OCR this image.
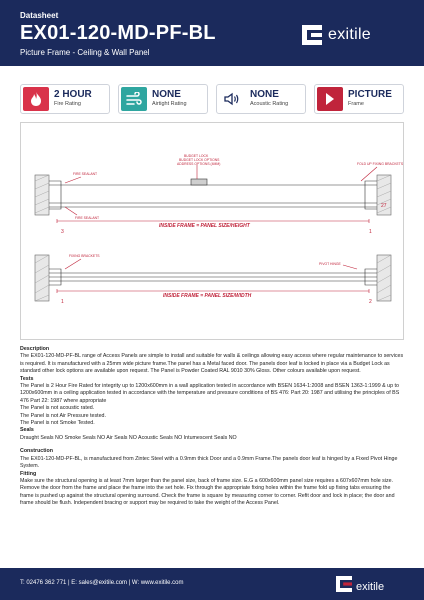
Datasheet
EX01-120-MD-PF-BL
Picture Frame - Ceiling & Wall Panel
exitile
2 HOUR
Fire Rating
NONE
Airtight Rating
NONE
Acoustic Rating
PICTURE
Frame
BUDGET LOCK
BUDGET LOCK OPTIONS
ADDRESS OPTIONS (4MM)
FIRE SEALANT
FOLD UP FIXING BRACKETS
FIRE SEALANT
INSIDE FRAME = PANEL SIZE/HEIGHT
27
3	1
FIXING BRACKETS
PIVOT HINGE
INSIDE FRAME = PANEL SIZE/WIDTH
1	2

Description

The EX01-120-MD-PF-BL range of Access Panels are simple to install and suitable for walls & ceilings allowing easy access where regular maintenance to services is required. It is manufactured with a 25mm wide picture frame.The panel has a Metal faced door. The panels door leaf is locked in place via a Budget Lock as standard other lock options are available upon request. The Panel is Powder Coated RAL 9010 30% Gloss. Other colours available upon request.

Tests

The Panel is 2 Hour Fire Rated for integrity up to 1200x600mm in a wall application tested in accordance with BSEN 1634-1:2008 and BSEN 1363-1:1999 & up to 1200x600mm in a ceiling application tested in accordance with the temperature and pressure conditions of BS 476: Part 20: 1987 and utilising the principles of BS 476 Part 22: 1987 where appropriate

The Panel is not acoustic rated.

The Panel is not Air Pressure tested.

The Panel is not Smoke Tested.

Seals

Draught Seals NO Smoke Seals NO Air Seals NO Acoustic Seals NO Intumescent Seals NO

Construction

The EX01-120-MD-PF-BL, is manufactured from Zintec Steel with a 0.9mm thick Door and a 0.9mm Frame.The panels door leaf is hinged by a Fixed Pivot Hinge System.

Fitting

Make sure the structural opening is at least 7mm larger than the panel size, back of frame size. E.G a 600x600mm panel size requires a 607x607mm hole size. Remove the door from the frame and place the frame into the set hole. Fix through the appropriate fixing holes within the frame fold up fixing tabs ensuring the frame is pushed up against the structural opening surround. Check the frame is square by measuring corner to corner. Refit door and lock in place; the door and frame should be flush. Independent bracing or support may be required to take the weight of the Access Panel.

T: 02476 362 771 | E: sales@exitile.com | W: www.exitile.com	exitile
